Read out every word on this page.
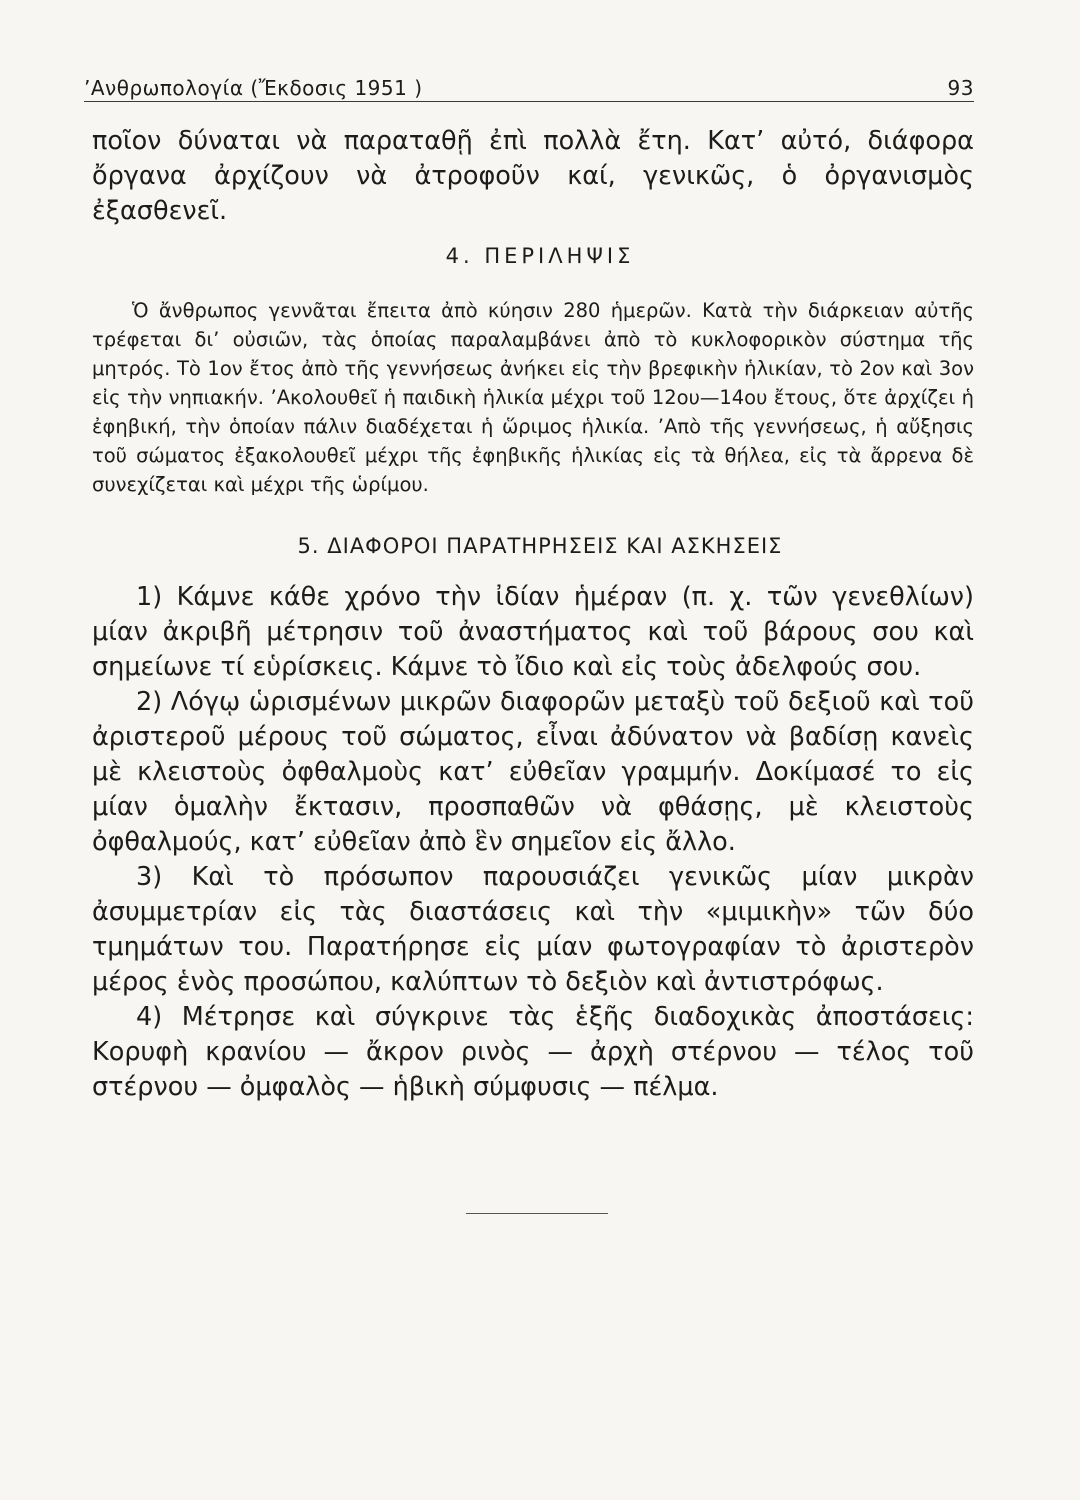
’Ανθρωπολογία (Ἔκδοσις 1951 )	93

ποῖον δύναται νὰ παραταθῇ ἐπὶ πολλὰ ἔτη. Κατ’ αὐτό, διάφορα ὄργανα ἀρχίζουν νὰ ἀτροφοῦν καί, γενικῶς, ὁ ὀργανισμὸς ἐξασθενεῖ.

4. ΠΕΡΙΛΗΨΙΣ

Ὁ ἄνθρωπος γεννᾶται ἔπειτα ἀπὸ κύησιν 280 ἡμερῶν. Κατὰ τὴν διάρκειαν αὐτῆς τρέφεται δι’ οὐσιῶν, τὰς ὁποίας παραλαμβάνει ἀπὸ τὸ κυκλοφορικὸν σύστημα τῆς μητρός. Τὸ 1ον ἔτος ἀπὸ τῆς γεννήσεως ἀνήκει εἰς τὴν βρεφικὴν ἡλικίαν, τὸ 2ον καὶ 3ον εἰς τὴν νηπιακήν. ’Ακολουθεῖ ἡ παιδικὴ ἡλικία μέχρι τοῦ 12ου—14ου ἔτους, ὅτε ἀρχίζει ἡ ἐφηβική, τὴν ὁποίαν πάλιν διαδέχεται ἡ ὥριμος ἡλικία. ’Απὸ τῆς γεννήσεως, ἡ αὔξησις τοῦ σώματος ἐξακολουθεῖ μέχρι τῆς ἐφηβικῆς ἡλικίας εἰς τὰ θήλεα, εἰς τὰ ἄρρενα δὲ συνεχίζεται καὶ μέχρι τῆς ὡρίμου.

5. ΔΙΑΦΟΡΟΙ ΠΑΡΑΤΗΡΗΣΕΙΣ ΚΑΙ ΑΣΚΗΣΕΙΣ

1) Κάμνε κάθε χρόνο τὴν ἰδίαν ἡμέραν (π. χ. τῶν γενεθλίων) μίαν ἀκριβῆ μέτρησιν τοῦ ἀναστήματος καὶ τοῦ βάρους σου καὶ σημείωνε τί εὑρίσκεις. Κάμνε τὸ ἴδιο καὶ εἰς τοὺς ἀδελφούς σου.

2) Λόγῳ ὡρισμένων μικρῶν διαφορῶν μεταξὺ τοῦ δεξιοῦ καὶ τοῦ ἀριστεροῦ μέρους τοῦ σώματος, εἶναι ἀδύνατον νὰ βαδίσῃ κανεὶς μὲ κλειστοὺς ὀφθαλμοὺς κατ’ εὐθεῖαν γραμμήν. Δοκίμασέ το εἰς μίαν ὁμαλὴν ἔκτασιν, προσπαθῶν νὰ φθάσῃς, μὲ κλειστοὺς ὀφθαλμούς, κατ’ εὐθεῖαν ἀπὸ ἓν σημεῖον εἰς ἄλλο.

3) Καὶ τὸ πρόσωπον παρουσιάζει γενικῶς μίαν μικρὰν ἀσυμμετρίαν εἰς τὰς διαστάσεις καὶ τὴν «μιμικὴν» τῶν δύο τμημάτων του. Παρατήρησε εἰς μίαν φωτογραφίαν τὸ ἀριστερὸν μέρος ἑνὸς προσώπου, καλύπτων τὸ δεξιὸν καὶ ἀντιστρόφως.

4) Μέτρησε καὶ σύγκρινε τὰς ἑξῆς διαδοχικὰς ἀποστάσεις: Κορυφὴ κρανίου — ἄκρον ρινὸς — ἀρχὴ στέρνου — τέλος τοῦ στέρνου — ὀμφαλὸς — ἡβικὴ σύμφυσις — πέλμα.
